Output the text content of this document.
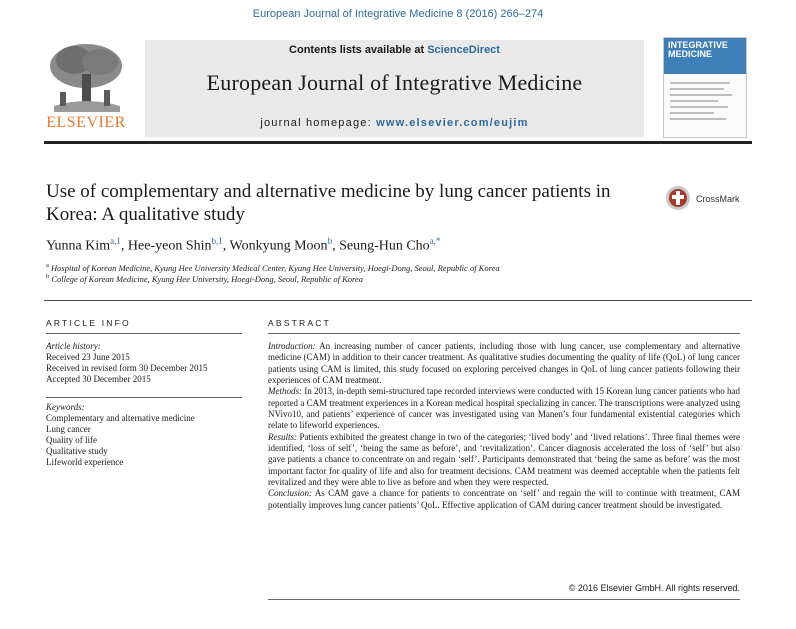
European Journal of Integrative Medicine 8 (2016) 266–274
ELSEVIER
Contents lists available at ScienceDirect
European Journal of Integrative Medicine
journal homepage: www.elsevier.com/eujim
INTEGRATIVE MEDICINE
Use of complementary and alternative medicine by lung cancer patients in Korea: A qualitative study
CrossMark
Yunna Kim$^{a,1}$, Hee-yeon Shin$^{b,1}$, Wonkyung Moon$^b$, Seung-Hun Cho$^{a,*}$
$^a$ Hospital of Korean Medicine, Kyung Hee University Medical Center, Kyung Hee University, Hoegi-Dong, Seoul, Republic of Korea
$^b$ College of Korean Medicine, Kyung Hee University, Hoegi-Dong, Seoul, Republic of Korea
ARTICLE INFO
Article history:
Received 23 June 2015
Received in revised form 30 December 2015
Accepted 30 December 2015
Keywords:
Complementary and alternative medicine
Lung cancer
Quality of life
Qualitative study
Lifeworld experience
ABSTRACT

Introduction: An increasing number of cancer patients, including those with lung cancer, use complementary and alternative medicine (CAM) in addition to their cancer treatment. As qualitative studies documenting the quality of life (QoL) of lung cancer patients using CAM is limited, this study focused on exploring perceived changes in QoL of lung cancer patients following their experiences of CAM treatment.

Methods: In 2013, in-depth semi-structured tape recorded interviews were conducted with 15 Korean lung cancer patients who had reported a CAM treatment experiences in a Korean medical hospital specializing in cancer. The transcriptions were analyzed using NVivo10, and patients’ experience of cancer was investigated using van Manen’s four fundamental existential categories which relate to lifeworld experiences.

Results: Patients exhibited the greatest change in two of the categories; ‘lived body’ and ‘lived relations’. Three final themes were identified, ‘loss of self’, ‘being the same as before’, and ‘revitalization’. Cancer diagnosis accelerated the loss of ‘self’ but also gave patients a chance to concentrate on and regain ‘self’. Participants demonstrated that ‘being the same as before’ was the most important factor for quality of life and also for treatment decisions. CAM treatment was deemed acceptable when the patients felt revitalized and they were able to live as before and when they were respected.

Conclusion: As CAM gave a chance for patients to concentrate on ‘self’ and regain the will to continue with treatment, CAM potentially improves lung cancer patients’ QoL. Effective application of CAM during cancer treatment should be investigated.

© 2016 Elsevier GmbH. All rights reserved.
